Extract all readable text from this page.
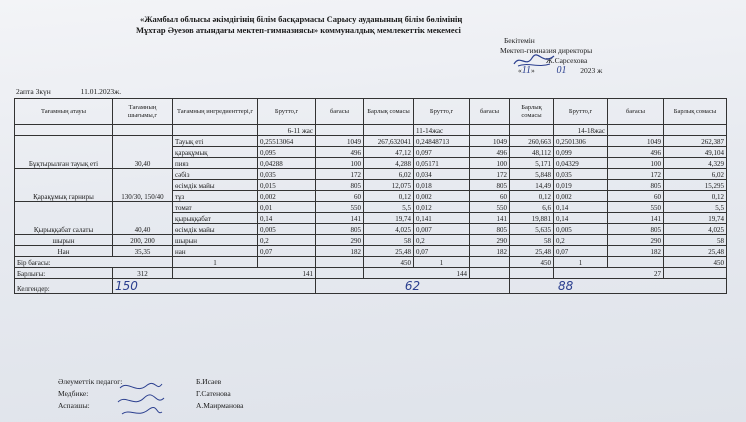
«Жамбыл облысы әкімдігінің білім басқармасы Сарысу ауданының білім бөлімінің
Мұхтар Әуезов атындағы мектеп-гимназиясы» коммуналдық мемлекеттік мекемесі
Бекітемін
Мектеп-гимназия директоры
Ж.Сарсехова
«11»  01 2023 ж
2апта 3күн	11.01.2023ж.
Тағамның атауы	Тағамның шығымы,г	Тағамның ингредиенттері,г	Брутто,г	бағасы	Барлық сомасы	Брутто,г	бағасы	Барлық сомасы	Брутто,г	бағасы	Барлық сомасы
			6-11 жас			11-14жас			14-18жас		
Бұқтырылған тауық еті	30,40	Тауық еті	0,25513064	1049	267,632041	0,24848713	1049	260,663	0,2501306	1049	262,387
		қарақұмық	0,095	496	47,12	0,097	496	48,112	0,099	496	49,104
		пияз	0,04288	100	4,288	0,05171	100	5,171	0,04329	100	4,329
Қарақұмық гарниры	130/30, 150/40	сәбіз	0,035	172	6,02	0,034	172	5,848	0,035	172	6,02
		өсімдік майы	0,015	805	12,075	0,018	805	14,49	0,019	805	15,295
		тұз	0,002	60	0,12	0,002	60	0,12	0,002	60	0,12
Қырыққабат салаты	40,40	томат	0,01	550	5,5	0,012	550	6,6	0,14	550	5,5
		қырыққабат	0,14	141	19,74	0,141	141	19,881	0,14	141	19,74
		өсімдік майы	0,005	805	4,025	0,007	805	5,635	0,005	805	4,025
шырын	200, 200	шырын	0,2	290	58	0,2	290	58	0,2	290	58
Нан	35,35	нан	0,07	182	25,48	0,07	182	25,48	0,07	182	25,48
Бір бағасы:		1			450	1		450	1		450
Барлығы:	312	141			144				27		
Келгендер:	150			62				88			
Әлеуметтік педагог:	Б.Исаев
Медбике:	Г.Сатенова
Аспазшы:	А.Маирманова
